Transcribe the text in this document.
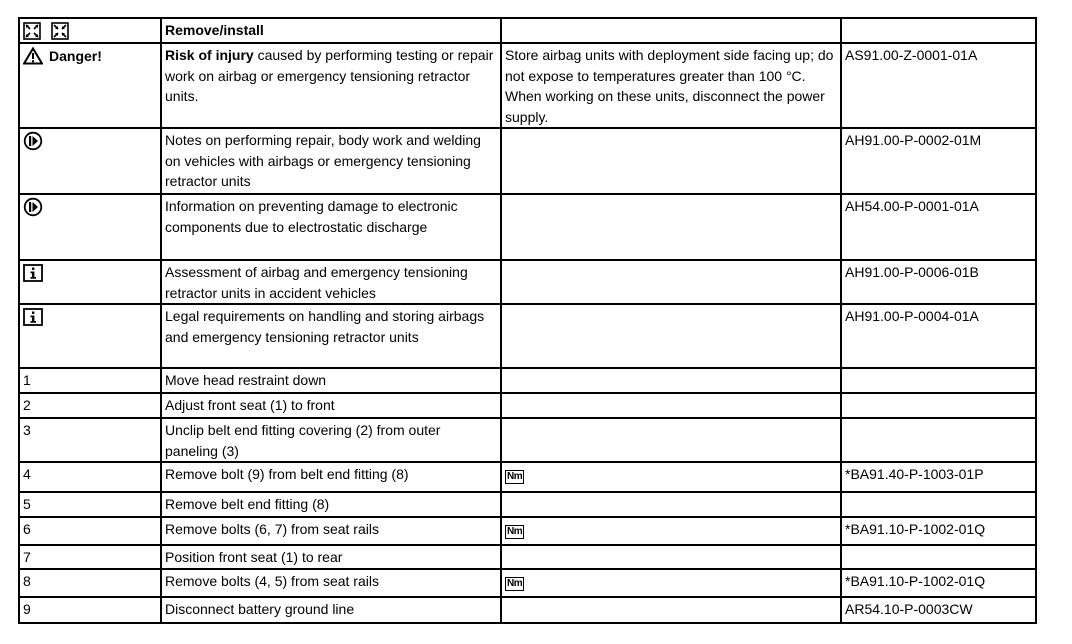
	Remove/install		
Danger!	Risk of injury caused by performing testing or repair work on airbag or emergency tensioning retractor units.	Store airbag units with deployment side facing up; do not expose to temperatures greater than 100 °C. When working on these units, disconnect the power supply.	AS91.00-Z-0001-01A
	Notes on performing repair, body work and welding on vehicles with airbags or emergency tensioning retractor units		AH91.00-P-0002-01M
	Information on preventing damage to electronic components due to electrostatic discharge		AH54.00-P-0001-01A
	Assessment of airbag and emergency tensioning retractor units in accident vehicles		AH91.00-P-0006-01B
	Legal requirements on handling and storing airbags and emergency tensioning retractor units		AH91.00-P-0004-01A
1	Move head restraint down		
2	Adjust front seat (1) to front		
3	Unclip belt end fitting covering (2) from outer paneling (3)		
4	Remove bolt (9) from belt end fitting (8)	Nm	*BA91.40-P-1003-01P
5	Remove belt end fitting (8)		
6	Remove bolts (6, 7) from seat rails	Nm	*BA91.10-P-1002-01Q
7	Position front seat (1) to rear		
8	Remove bolts (4, 5) from seat rails	Nm	*BA91.10-P-1002-01Q
9	Disconnect battery ground line		AR54.10-P-0003CW
